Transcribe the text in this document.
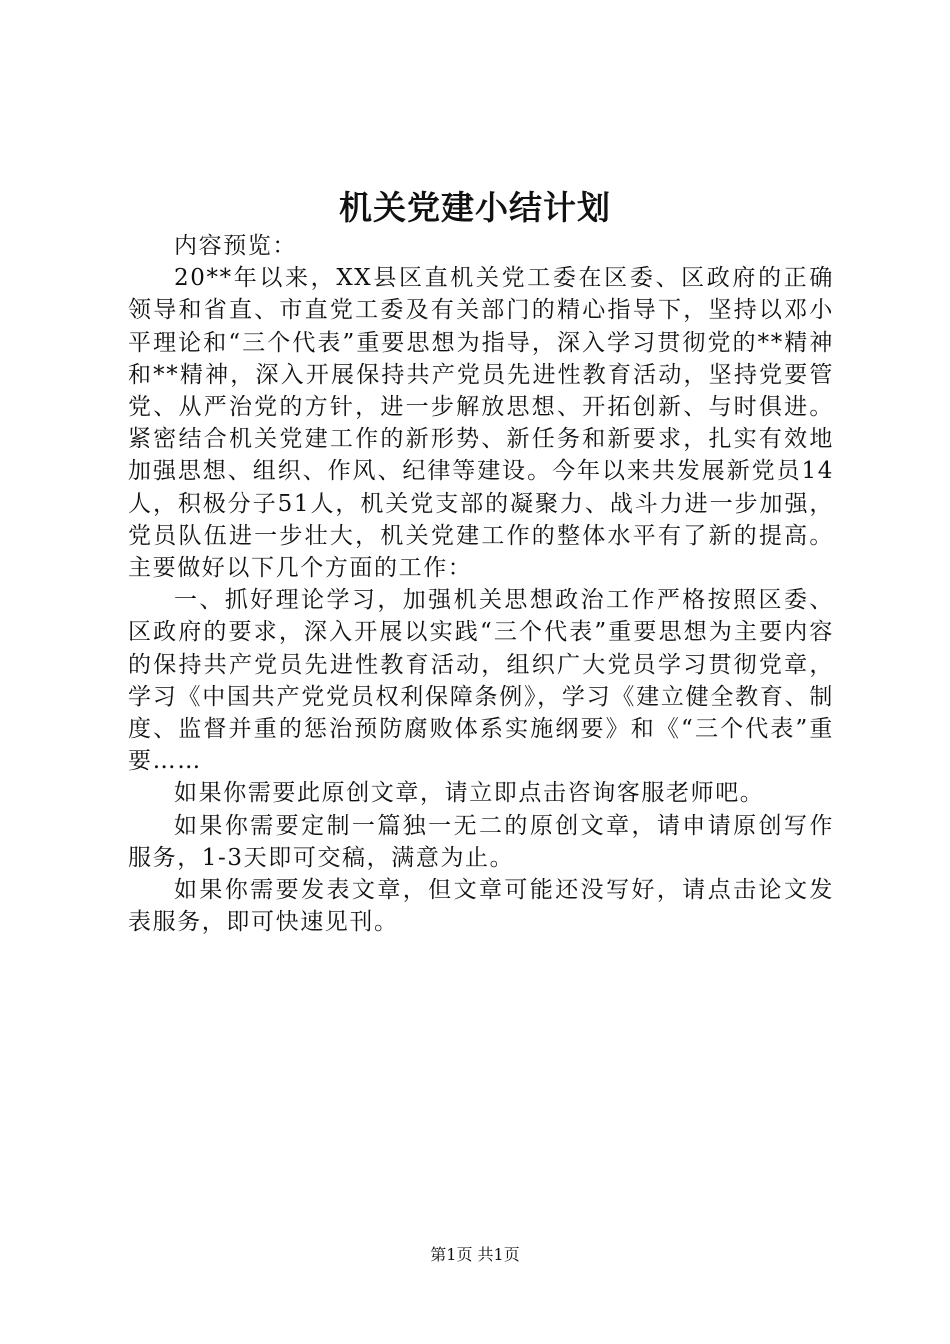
机关党建小结计划

内容预览：

20**年以来，XX县区直机关党工委在区委、区政府的正确领导和省直、市直党工委及有关部门的精心指导下，坚持以邓小平理论和“三个代表”重要思想为指导，深入学习贯彻党的**精神和**精神，深入开展保持共产党员先进性教育活动，坚持党要管党、从严治党的方针，进一步解放思想、开拓创新、与时俱进。紧密结合机关党建工作的新形势、新任务和新要求，扎实有效地加强思想、组织、作风、纪律等建设。今年以来共发展新党员14人，积极分子51人，机关党支部的凝聚力、战斗力进一步加强，党员队伍进一步壮大，机关党建工作的整体水平有了新的提高。主要做好以下几个方面的工作：

一、抓好理论学习，加强机关思想政治工作严格按照区委、区政府的要求，深入开展以实践“三个代表”重要思想为主要内容的保持共产党员先进性教育活动，组织广大党员学习贯彻党章，学习《中国共产党党员权利保障条例》，学习《建立健全教育、制度、监督并重的惩治预防腐败体系实施纲要》和《“三个代表”重要……

如果你需要此原创文章，请立即点击咨询客服老师吧。

如果你需要定制一篇独一无二的原创文章，请申请原创写作服务，1-3天即可交稿，满意为止。

如果你需要发表文章，但文章可能还没写好，请点击论文发表服务，即可快速见刊。

第1页 共1页
